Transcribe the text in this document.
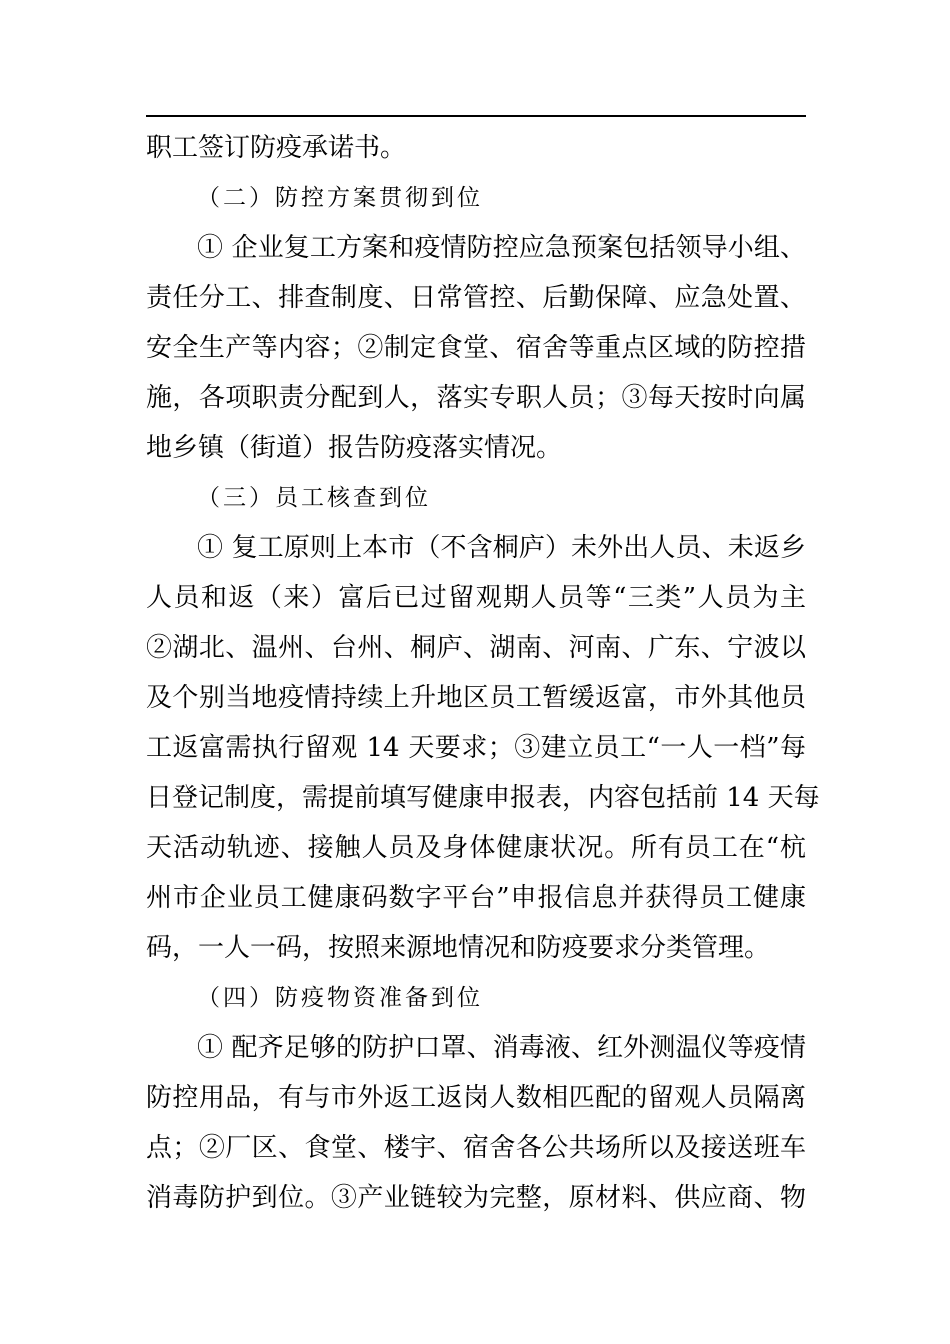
职工签订防疫承诺书。
（二）防控方案贯彻到位
① 企业复工方案和疫情防控应急预案包括领导小组、
责任分工、排查制度、日常管控、后勤保障、应急处置、
安全生产等内容；②制定食堂、宿舍等重点区域的防控措
施，各项职责分配到人，落实专职人员；③每天按时向属
地乡镇（街道）报告防疫落实情况。
（三）员工核查到位
① 复工原则上本市（不含桐庐）未外出人员、未返乡
人员和返（来）富后已过留观期人员等“三类”人员为主
②湖北、温州、台州、桐庐、湖南、河南、广东、宁波以
及个别当地疫情持续上升地区员工暂缓返富，市外其他员
工返富需执行留观 14 天要求；③建立员工“一人一档”每
日登记制度，需提前填写健康申报表，内容包括前 14 天每
天活动轨迹、接触人员及身体健康状况。所有员工在“杭
州市企业员工健康码数字平台”申报信息并获得员工健康
码，一人一码，按照来源地情况和防疫要求分类管理。
（四）防疫物资准备到位
① 配齐足够的防护口罩、消毒液、红外测温仪等疫情
防控用品，有与市外返工返岗人数相匹配的留观人员隔离
点；②厂区、食堂、楼宇、宿舍各公共场所以及接送班车
消毒防护到位。③产业链较为完整，原材料、供应商、物
